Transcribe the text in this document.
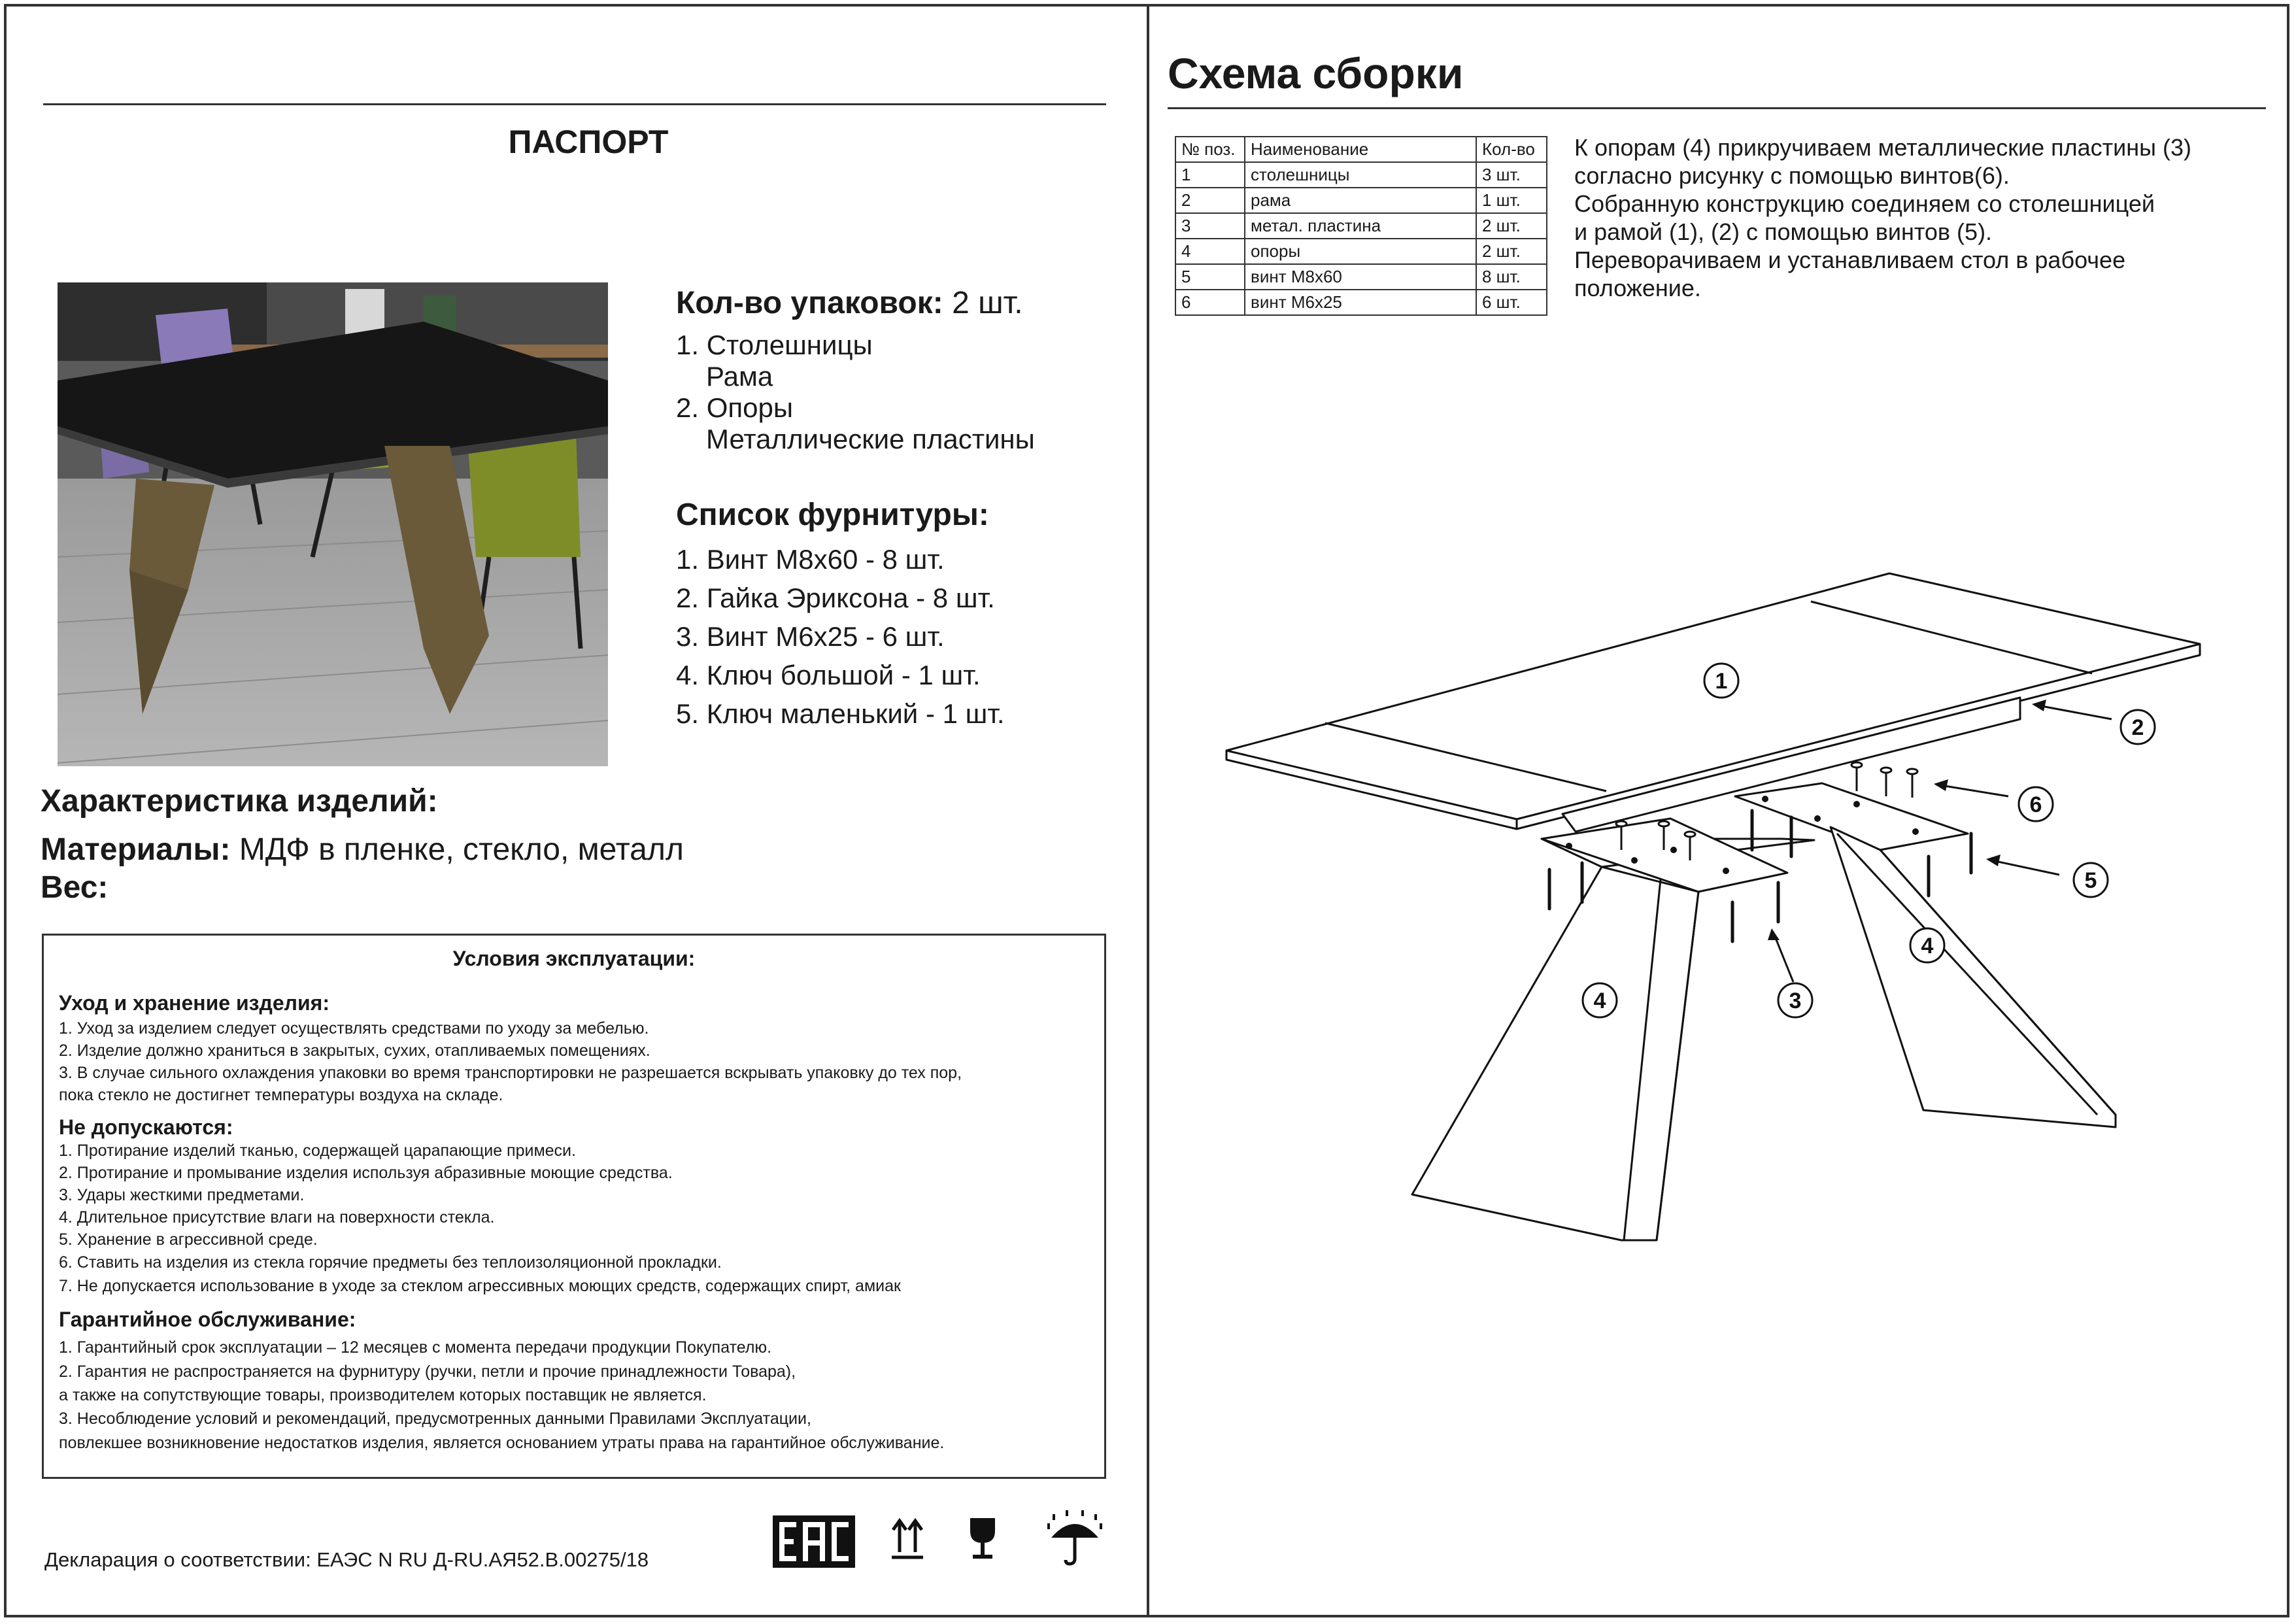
ПАСПОРТ
Кол-во упаковок: 2 шт.
1. Столешницы
Рама
2. Опоры
Металлические пластины
Список фурнитуры:
1. Винт М8х60 - 8 шт.
2. Гайка Эриксона - 8 шт.
3. Винт М6х25 - 6 шт.
4. Ключ большой - 1 шт.
5. Ключ маленький - 1 шт.
Характеристика изделий:
Материалы: МДФ в пленке, стекло, металл
Вес:
Условия эксплуатации:
Уход и хранение изделия:
1. Уход за изделием следует осуществлять средствами по уходу за мебелью.
2. Изделие должно храниться в закрытых, сухих, отапливаемых помещениях.
3. В случае сильного охлаждения упаковки во время транспортировки не разрешается вскрывать упаковку до тех пор,
пока стекло не достигнет температуры воздуха на складе.
Не допускаются:
1. Протирание изделий тканью, содержащей царапающие примеси.
2. Протирание и промывание изделия используя абразивные моющие средства.
3. Удары жесткими предметами.
4. Длительное присутствие влаги на поверхности стекла.
5. Хранение в агрессивной среде.
6. Ставить на изделия из стекла горячие предметы без теплоизоляционной прокладки.
7. Не допускается использование в уходе за стеклом агрессивных моющих средств, содержащих спирт, амиак
Гарантийное обслуживание:
1. Гарантийный срок эксплуатации – 12 месяцев с момента передачи продукции Покупателю.
2. Гарантия не распространяется на фурнитуру (ручки, петли и прочие принадлежности Товара),
а также на сопутствующие товары, производителем которых поставщик не является.
3. Несоблюдение условий и рекомендаций, предусмотренных данными Правилами Эксплуатации,
повлекшее возникновение недостатков изделия, является основанием утраты права на гарантийное обслуживание.
Декларация о соответствии: ЕАЭС N RU Д-RU.АЯ52.В.00275/18
Схема сборки
№ поз.	Наименование	Кол-во
1	столешницы	3 шт.
2	рама	1 шт.
3	метал. пластина	2 шт.
4	опоры	2 шт.
5	винт М8х60	8 шт.
6	винт М6х25	6 шт.
К опорам (4) прикручиваем металлические пластины (3)
согласно рисунку с помощью винтов(6).
Собранную конструкцию соединяем со столешницей
и рамой (1), (2) с помощью винтов (5).
Переворачиваем и устанавливаем стол в рабочее
положение.
1
2
6
5
4
3
4
